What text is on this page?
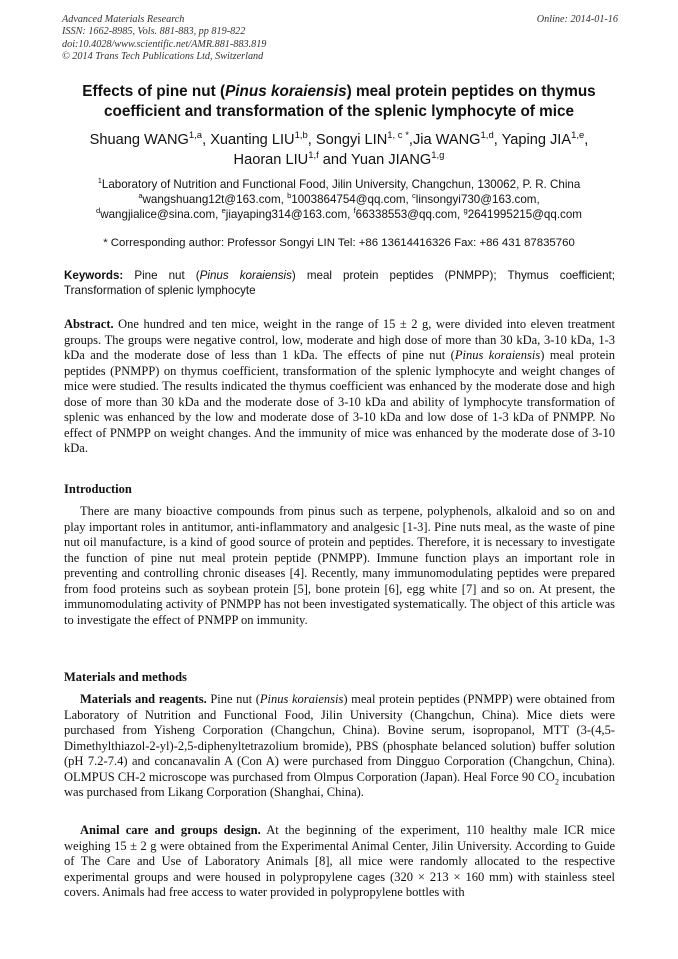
Advanced Materials Research
ISSN: 1662-8985, Vols. 881-883, pp 819-822
doi:10.4028/www.scientific.net/AMR.881-883.819
© 2014 Trans Tech Publications Ltd, Switzerland
Online: 2014-01-16
Effects of pine nut (Pinus koraiensis) meal protein peptides on thymus coefficient and transformation of the splenic lymphocyte of mice
Shuang WANG$^{1,a}$, Xuanting LIU$^{1,b}$, Songyi $LIN^{1, c *},Jia$ WANG$^{1,d}$, Yaping JIA$^{1,e}$,
Haoran LIU$^{1,f}$ and Yuan JIANG$^{1,g}$
$^1$Laboratory of Nutrition and Functional Food, Jilin University, Changchun, 130062, P. R. China
$^a$wangshuang12t@163.com, $^b$1003864754@qq.com, $^c$linsongyi730@163.com,
$^d$wangjialice@sina.com, $^e$jiayaping314@163.com, $^f$66338553@qq.com, $^g$2641995215@qq.com
* Corresponding author: Professor Songyi LIN Tel: +86 13614416326 Fax: +86 431 87835760
Keywords: Pine nut (Pinus koraiensis) meal protein peptides (PNMPP); Thymus coefficient; Transformation of splenic lymphocyte
Abstract. One hundred and ten mice, weight in the range of 15 ± 2 g, were divided into eleven treatment groups. The groups were negative control, low, moderate and high dose of more than 30 kDa, 3-10 kDa, 1-3 kDa and the moderate dose of less than 1 kDa. The effects of pine nut (Pinus koraiensis) meal protein peptides (PNMPP) on thymus coefficient, transformation of the splenic lymphocyte and weight changes of mice were studied. The results indicated the thymus coefficient was enhanced by the moderate dose and high dose of more than 30 kDa and the moderate dose of 3-10 kDa and ability of lymphocyte transformation of splenic was enhanced by the low and moderate dose of 3-10 kDa and low dose of 1-3 kDa of PNMPP. No effect of PNMPP on weight changes. And the immunity of mice was enhanced by the moderate dose of 3-10 kDa.
Introduction

There are many bioactive compounds from pinus such as terpene, polyphenols, alkaloid and so on and play important roles in antitumor, anti-inflammatory and analgesic [1-3]. Pine nuts meal, as the waste of pine nut oil manufacture, is a kind of good source of protein and peptides. Therefore, it is necessary to investigate the function of pine nut meal protein peptide (PNMPP). Immune function plays an important role in preventing and controlling chronic diseases [4]. Recently, many immunomodulating peptides were prepared from food proteins such as soybean protein [5], bone protein [6], egg white [7] and so on. At present, the immunomodulating activity of PNMPP has not been investigated systematically. The object of this article was to investigate the effect of PNMPP on immunity.

Materials and methods

Materials and reagents. Pine nut (Pinus koraiensis) meal protein peptides (PNMPP) were obtained from Laboratory of Nutrition and Functional Food, Jilin University (Changchun, China). Mice diets were purchased from Yisheng Corporation (Changchun, China). Bovine serum, isopropanol, MTT (3-(4,5-Dimethylthiazol-2-yl)-2,5-diphenyltetrazolium bromide), PBS (phosphate belanced solution) buffer solution (pH 7.2-7.4) and concanavalin A (Con A) were purchased from Dingguo Corporation (Changchun, China). OLMPUS CH-2 microscope was purchased from Olmpus Corporation (Japan). Heal Force 90 $CO_2$ incubation was purchased from Likang Corporation (Shanghai, China).

Animal care and groups design. At the beginning of the experiment, 110 healthy male ICR mice weighing 15 ± 2 g were obtained from the Experimental Animal Center, Jilin University. According to Guide of The Care and Use of Laboratory Animals [8], all mice were randomly allocated to the respective experimental groups and were housed in polypropylene cages (320 × 213 × 160 mm) with stainless steel covers. Animals had free access to water provided in polypropylene bottles with
